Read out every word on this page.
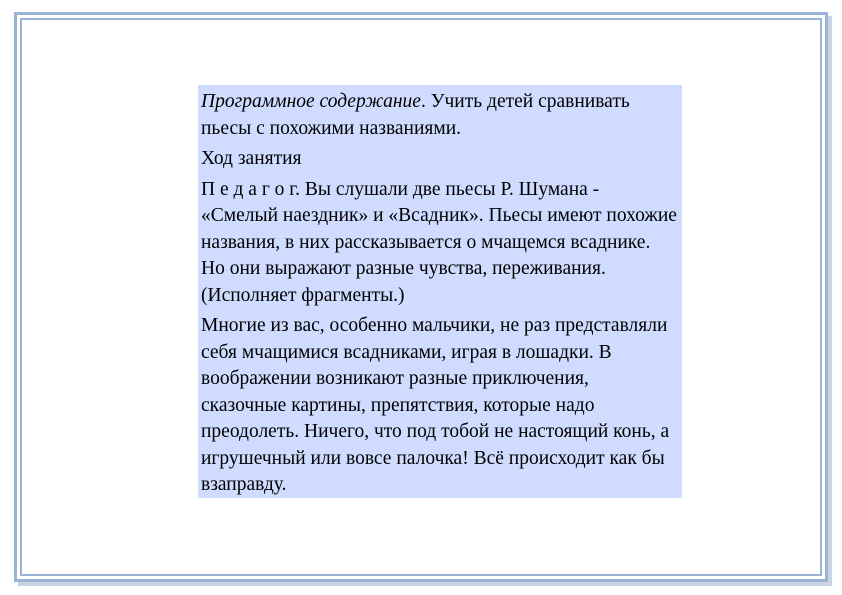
Программное содержание. Учить детей сравнивать пьесы с похожими названиями.

Ход занятия

П е д а г о г. Вы слушали две пьесы Р. Шумана - «Смелый наездник» и «Всадник». Пьесы имеют похожие названия, в них рассказывается о мчащемся всаднике. Но они выражают разные чувства, переживания. (Исполняет фрагменты.)

Многие из вас, особенно мальчики, не раз представляли себя мчащимися всадниками, играя в лошадки. В воображении возникают разные приключения, сказочные картины, препятствия, которые надо преодолеть. Ничего, что под тобой не настоящий конь, а игрушечный или вовсе палочка! Всё происходит как бы взаправду.
